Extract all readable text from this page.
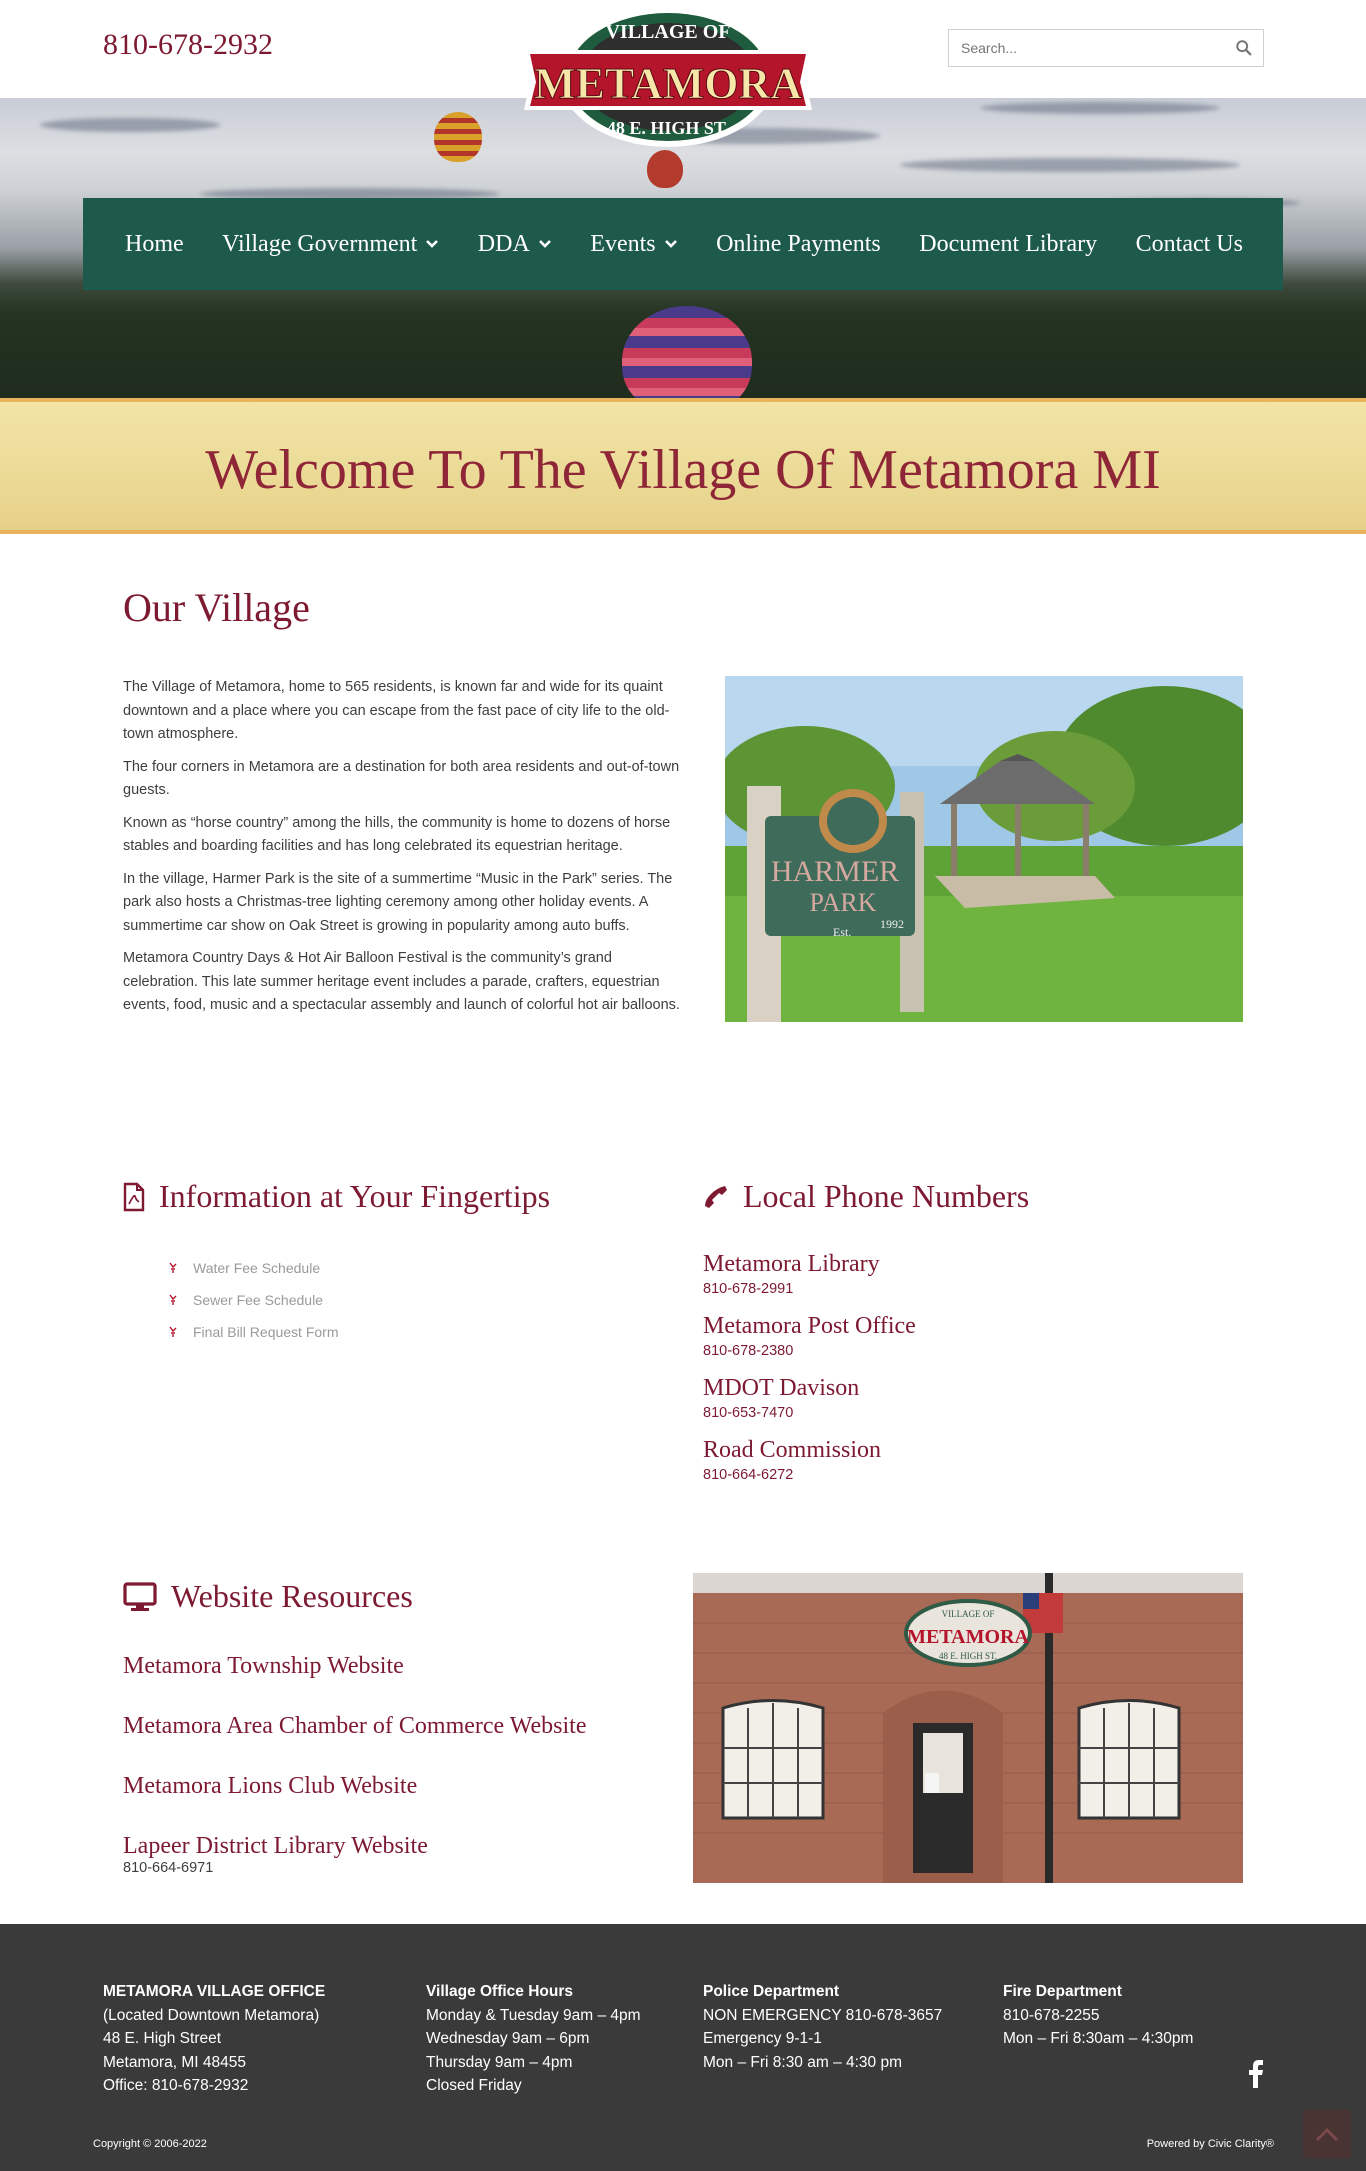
810-678-2932
Search...
METAMORA
VILLAGE OF
48 E. HIGH ST.
Home Village Government	DDA	Events	Online Payments Document Library Contact Us
Welcome To The Village Of Metamora MI
Our Village

The Village of Metamora, home to 565 residents, is known far and wide for its quaint downtown and a place where you can escape from the fast pace of city life to the old-town atmosphere.

The four corners in Metamora are a destination for both area residents and out-of-town guests.

Known as “horse country” among the hills, the community is home to dozens of horse stables and boarding facilities and has long celebrated its equestrian heritage.

In the village, Harmer Park is the site of a summertime “Music in the Park” series. The park also hosts a Christmas-tree lighting ceremony among other holiday events. A summertime car show on Oak Street is growing in popularity among auto buffs.

Metamora Country Days & Hot Air Balloon Festival is the community’s grand celebration. This late summer heritage event includes a parade, crafters, equestrian events, food, music and a spectacular assembly and launch of colorful hot air balloons.

HARMER
PARK
Est.
1992
Information at Your Fingertips
Water Fee Schedule
Sewer Fee Schedule
Final Bill Request Form
Local Phone Numbers
Metamora Library
810-678-2991
Metamora Post Office
810-678-2380
MDOT Davison
810-653-7470
Road Commission
810-664-6272
Website Resources
Metamora Township Website
Metamora Area Chamber of Commerce Website
Metamora Lions Club Website
Lapeer District Library Website
810-664-6971
METAMORA
VILLAGE OF
48 E. HIGH ST.
METAMORA VILLAGE OFFICE
(Located Downtown Metamora)
48 E. High Street
Metamora, MI 48455
Office: 810-678-2932
Village Office Hours
Monday & Tuesday 9am – 4pm
Wednesday 9am – 6pm
Thursday 9am – 4pm
Closed Friday
Police Department
NON EMERGENCY 810-678-3657
Emergency 9-1-1
Mon – Fri 8:30 am – 4:30 pm
Fire Department
810-678-2255
Mon – Fri 8:30am – 4:30pm
Copyright © 2006-2022	Powered by Civic Clarity®
